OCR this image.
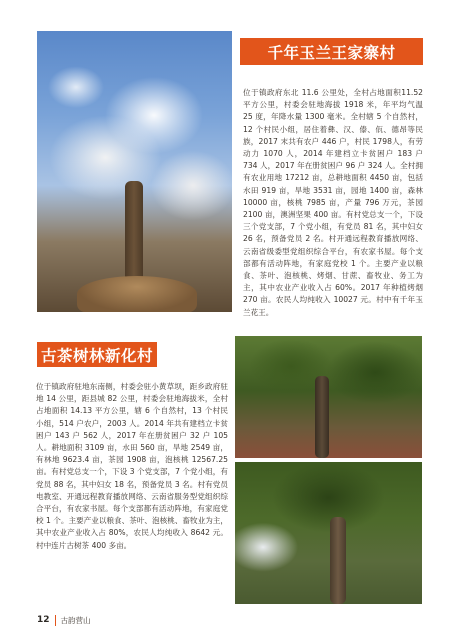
千年玉兰王家寨村
位于镇政府东北 11.6 公里处，全村占地面积11.52 平方公里，村委会驻地海拔 1918 米，年平均气温 25 度，年降水量 1300 毫米。全村辖 5 个自然村，12 个村民小组，居住着彝、汉、傣、佤、德昂等民族，2017 末共有农户 446 户，村民 1798人，有劳动力 1070 人，2014 年建档立卡贫困户 183 户 734 人，2017 年在册贫困户 96 户 324 人。全村拥有农业用地 17212 亩，总耕地面积 4450 亩，包括水田 919 亩，旱地 3531 亩，园地 1400 亩，森林 10000 亩，核桃 7985 亩，产量 796 万元，茶园 2100 亩，澳洲坚果 400 亩。有村党总支一个，下设三个党支部，7 个党小组，有党员 81 名，其中妇女 26 名，预备党员 2 名。村开通远程教育播放网络、云南省级委型党组织综合平台，有农家书屋。每个支部都有活动阵地，有家庭党校 1 个。主要产业以粮食、茶叶、泡核桃、烤烟、甘蔗、畜牧业、务工为主，其中农业产业收入占 60%。2017 年种植烤烟 270 亩。农民人均纯收入 10027 元。村中有千年玉兰花王。
古茶树林新化村
位于镇政府驻地东南侧，村委会驻小黄草坝，距乡政府驻地 14 公里，距县城 82 公里，村委会驻地海拔米，全村占地面积 14.13 平方公里，辖 6 个自然村，13 个村民小组，514 户农户，2003 人。2014 年共有建档立卡贫困户 143 户 562 人，2017 年在册贫困户 32 户 105 人。耕地面积 3109 亩，水田 560 亩，旱地 2549 亩，有林地 9623.4 亩，茶园 1908 亩，泡核桃 12567.25 亩。有村党总支一个，下设 3 个党支部，7 个党小组，有党员 88 名，其中妇女 18 名，预备党员 3 名。村有党员电教室、开通远程教育播放网络、云南省服务型党组织综合平台，有农家书屋。每个支部都有活动阵地，有家庭党校 1 个。主要产业以粮食、茶叶、泡核桃、畜牧业为主，其中农业产业收入占 80%，农民人均纯收入 8642 元。村中连片古树茶 400 多亩。
12 古韵营山
